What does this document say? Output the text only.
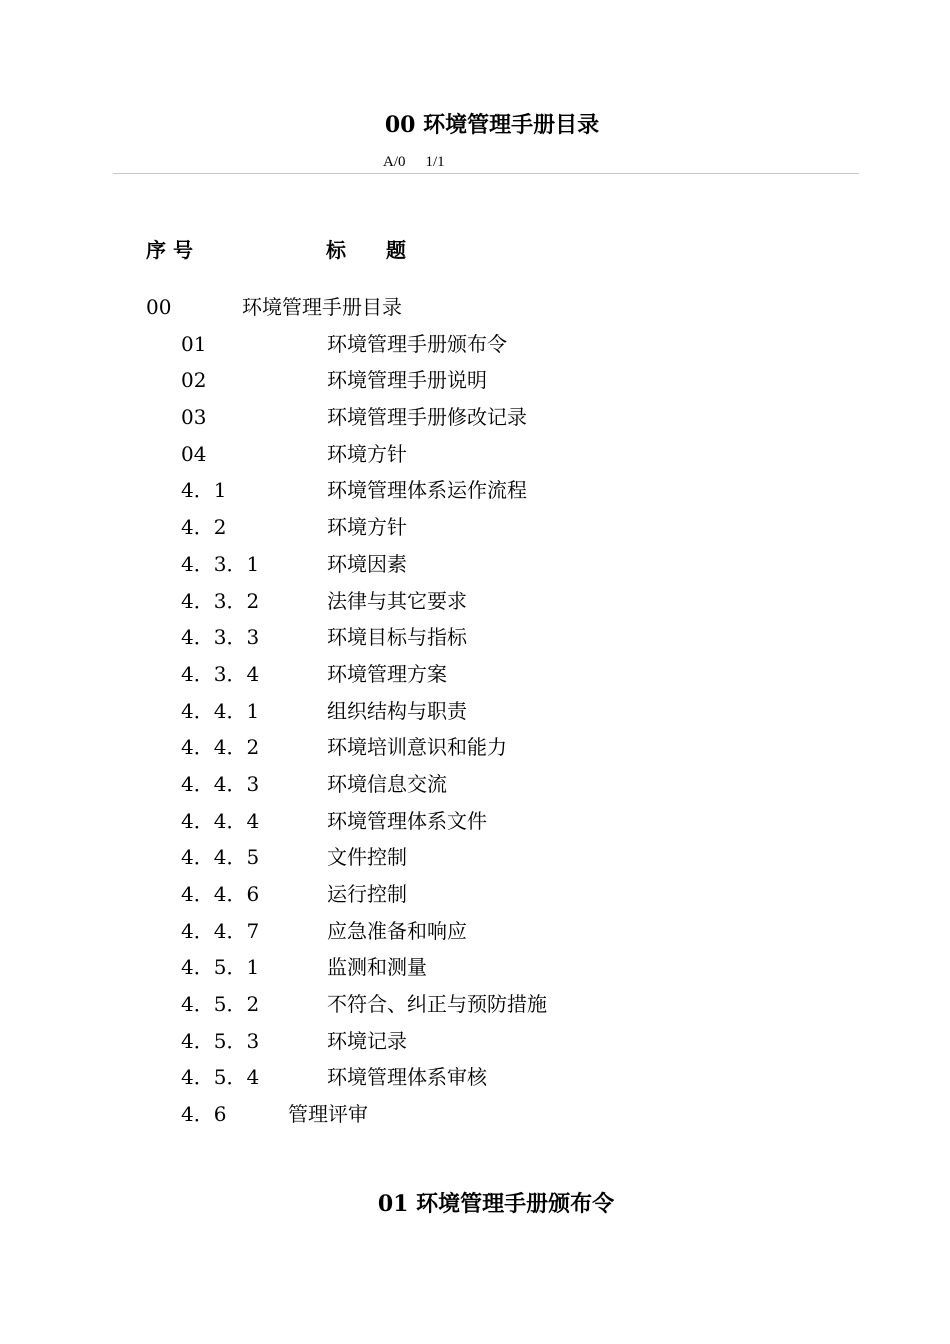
00 环境管理手册目录
A/0 1/1
序 号	标　　题
00	环境管理手册目录
01	环境管理手册颁布令
02	环境管理手册说明
03	环境管理手册修改记录
04	环境方针
4．1	环境管理体系运作流程
4．2	环境方针
4．3．1	环境因素
4．3．2	法律与其它要求
4．3．3	环境目标与指标
4．3．4	环境管理方案
4．4．1	组织结构与职责
4．4．2	环境培训意识和能力
4．4．3	环境信息交流
4．4．4	环境管理体系文件
4．4．5	文件控制
4．4．6	运行控制
4．4．7	应急准备和响应
4．5．1	监测和测量
4．5．2	不符合、纠正与预防措施
4．5．3	环境记录
4．5．4	环境管理体系审核
4．6	管理评审
01 环境管理手册颁布令
